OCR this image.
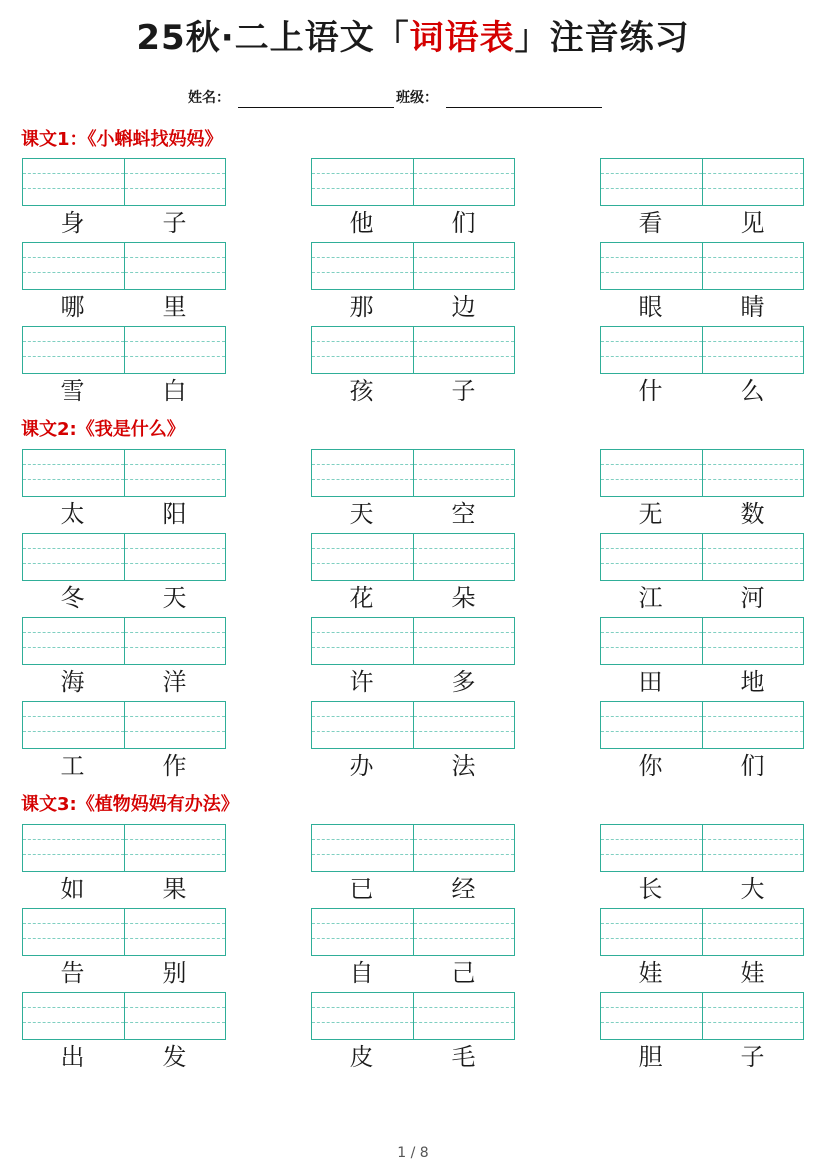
25秋·二上语文「词语表」注音练习
姓名：	班级：
课文1：《小蝌蚪找妈妈》
身	子	他	们	看	见
哪	里	那	边	眼	睛
雪	白	孩	子	什	么
课文2:《我是什么》
太	阳	天	空	无	数
冬	天	花	朵	江	河
海	洋	许	多	田	地
工	作	办	法	你	们
课文3:《植物妈妈有办法》
如	果	已	经	长	大
告	别	自	己	娃	娃
出	发	皮	毛	胆	子
1 / 8
